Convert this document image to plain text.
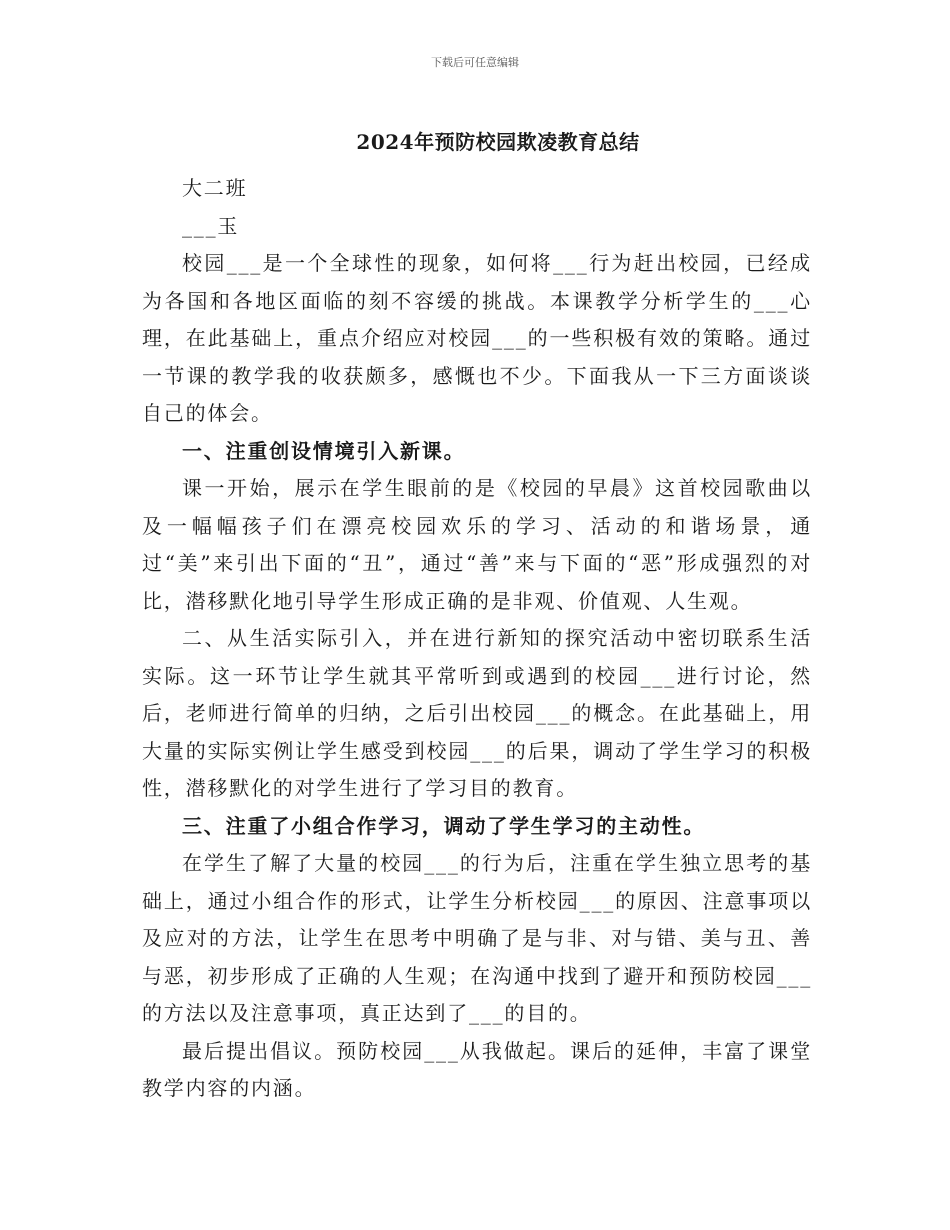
下载后可任意编辑
2024年预防校园欺凌教育总结
大二班
___玉

校园___是一个全球性的现象，如何将___行为赶出校园，已经成为各国和各地区面临的刻不容缓的挑战。本课教学分析学生的___心理，在此基础上，重点介绍应对校园___的一些积极有效的策略。通过一节课的教学我的收获颇多，感慨也不少。下面我从一下三方面谈谈自己的体会。

一、注重创设情境引入新课。

课一开始，展示在学生眼前的是《校园的早晨》这首校园歌曲以及一幅幅孩子们在漂亮校园欢乐的学习、活动的和谐场景，通过“美”来引出下面的“丑”，通过“善”来与下面的“恶”形成强烈的对比，潜移默化地引导学生形成正确的是非观、价值观、人生观。

二、从生活实际引入，并在进行新知的探究活动中密切联系生活实际。这一环节让学生就其平常听到或遇到的校园___进行讨论，然后，老师进行简单的归纳，之后引出校园___的概念。在此基础上，用大量的实际实例让学生感受到校园___的后果，调动了学生学习的积极性，潜移默化的对学生进行了学习目的教育。

三、注重了小组合作学习，调动了学生学习的主动性。

在学生了解了大量的校园___的行为后，注重在学生独立思考的基础上，通过小组合作的形式，让学生分析校园___的原因、注意事项以及应对的方法，让学生在思考中明确了是与非、对与错、美与丑、善与恶，初步形成了正确的人生观；在沟通中找到了避开和预防校园___的方法以及注意事项，真正达到了___的目的。

最后提出倡议。预防校园___从我做起。课后的延伸，丰富了课堂教学内容的内涵。
